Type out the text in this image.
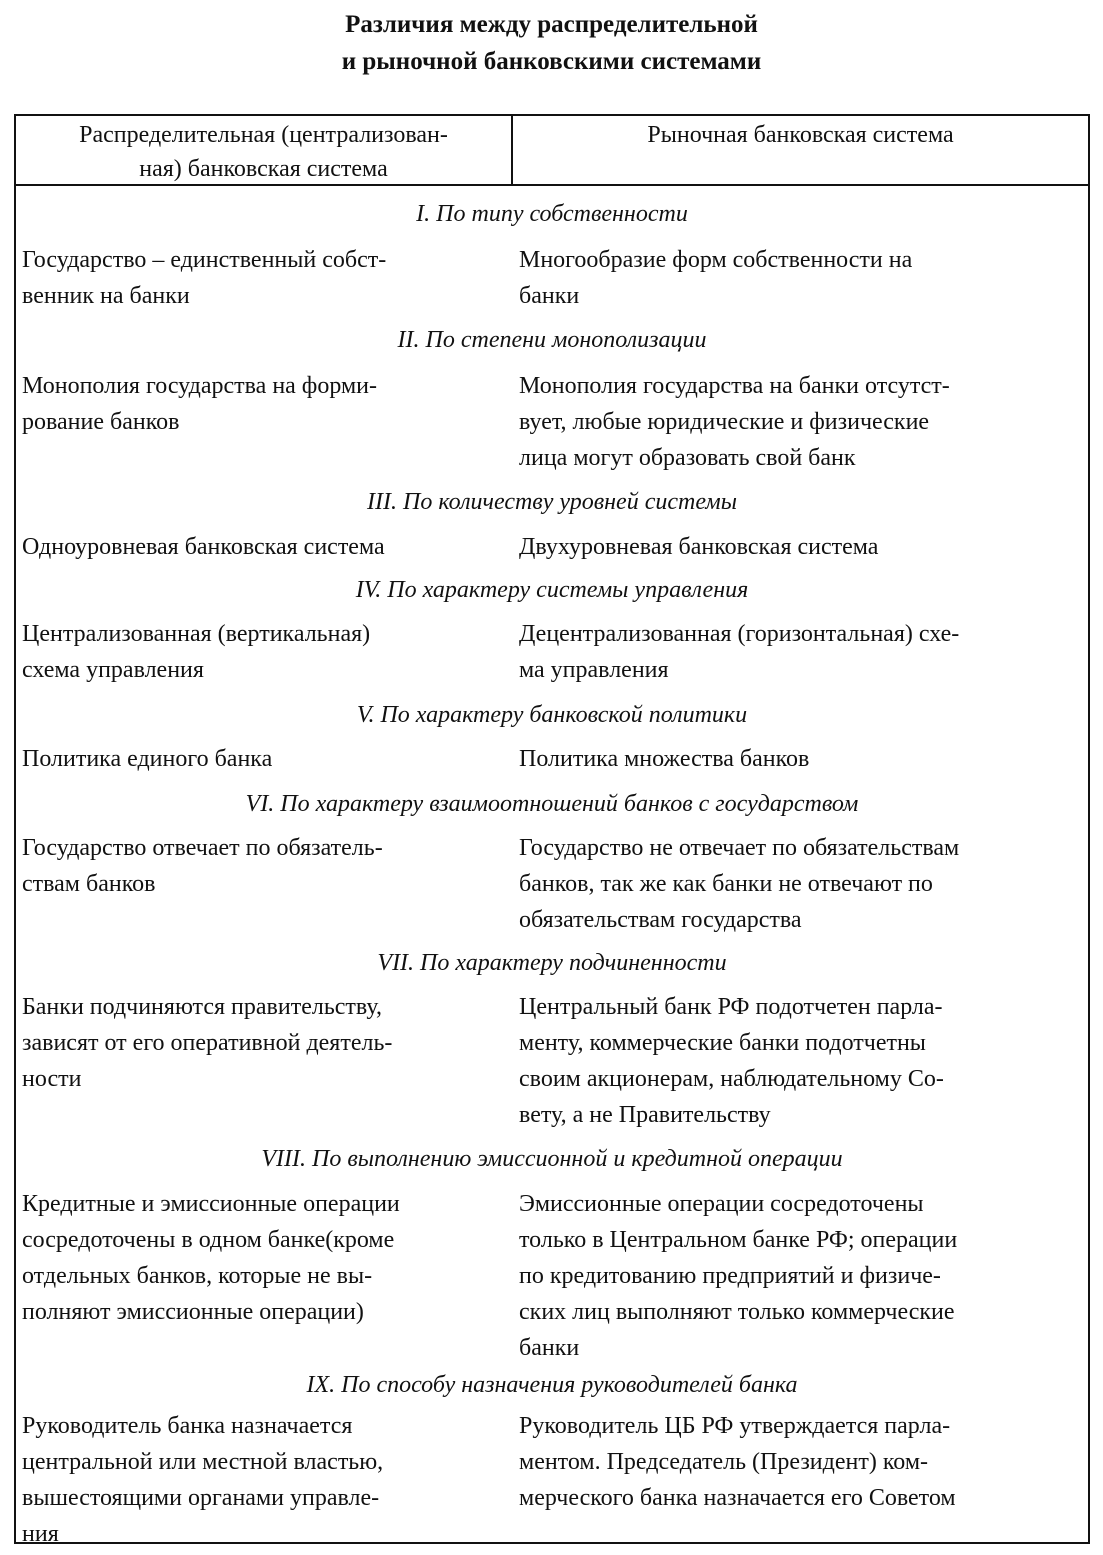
Различия между распределительной
и рыночной банковскими системами
Распределительная (централизован-
ная) банковская система
Рыночная банковская система
I. По типу собственности
Государство – единственный собст-
венник на банки
Многообразие форм собственности на
банки
II. По степени монополизации
Монополия государства на форми-
рование банков
Монополия государства на банки отсутст-
вует, любые юридические и физические
лица могут образовать свой банк
III. По количеству уровней системы
Одноуровневая банковская система	Двухуровневая банковская система
IV. По характеру системы управления
Централизованная (вертикальная)
схема управления
Децентрализованная (горизонтальная) схе-
ма управления
V. По характеру банковской политики
Политика единого банка	Политика множества банков
VI. По характеру взаимоотношений банков с государством
Государство отвечает по обязатель-
ствам банков
Государство не отвечает по обязательствам
банков, так же как банки не отвечают по
обязательствам государства
VII. По характеру подчиненности
Банки подчиняются правительству,
зависят от его оперативной деятель-
ности
Центральный банк РФ подотчетен парла-
менту, коммерческие банки подотчетны
своим акционерам, наблюдательному Со-
вету, а не Правительству
VIII. По выполнению эмиссионной и кредитной операции
Кредитные и эмиссионные операции
сосредоточены в одном банке(кроме
отдельных банков, которые не вы-
полняют эмиссионные операции)
Эмиссионные операции сосредоточены
только в Центральном банке РФ; операции
по кредитованию предприятий и физиче-
ских лиц выполняют только коммерческие
банки
IX. По способу назначения руководителей банка
Руководитель банка назначается
центральной или местной властью,
вышестоящими органами управле-
ния
Руководитель ЦБ РФ утверждается парла-
ментом. Председатель (Президент) ком-
мерческого банка назначается его Советом
